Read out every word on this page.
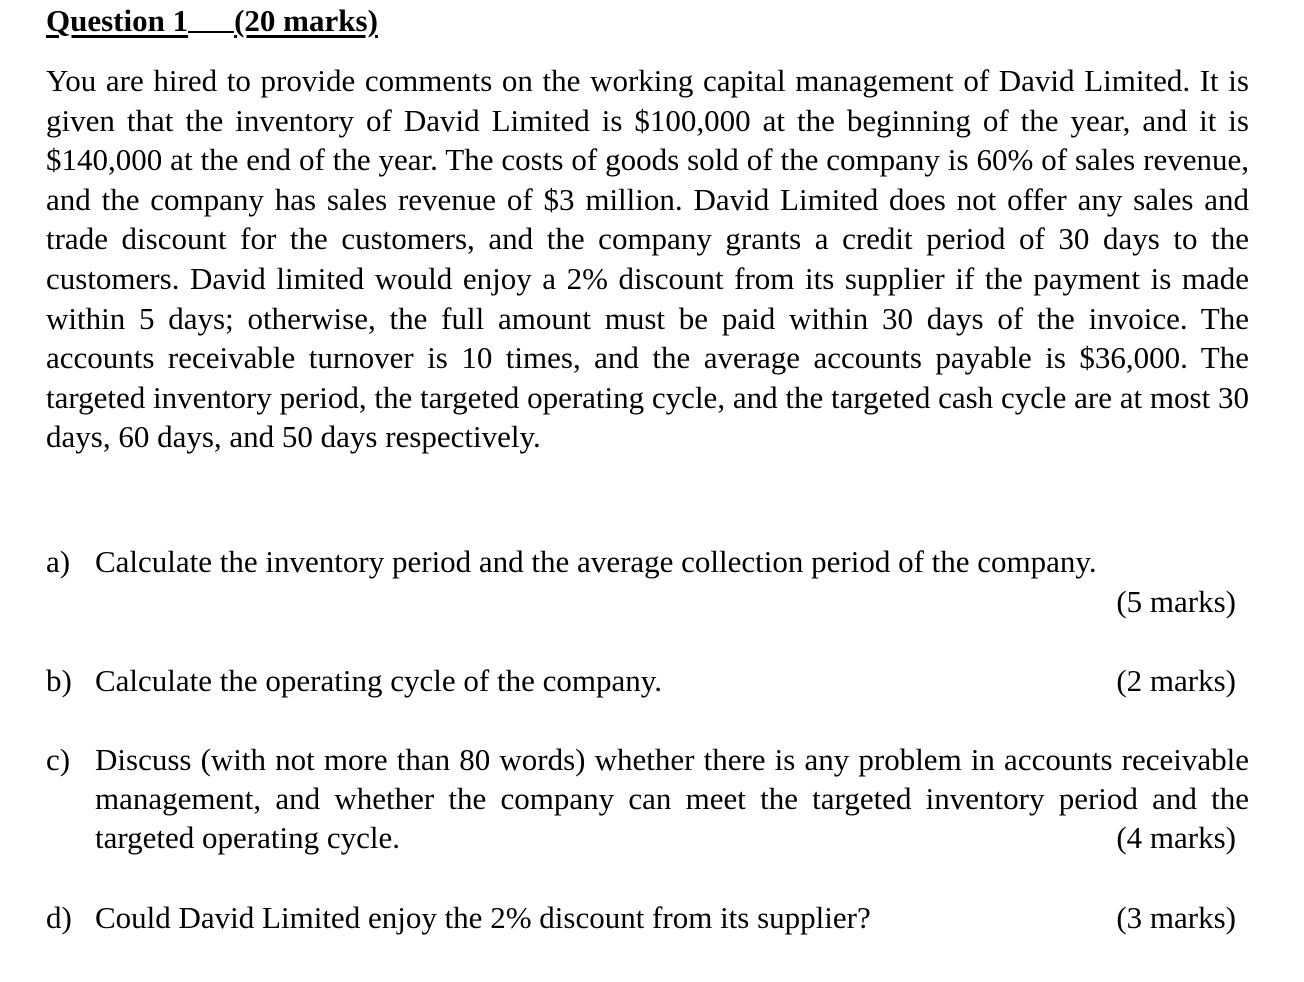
Question 1 (20 marks)
You are hired to provide comments on the working capital management of David Limited. It is given that the inventory of David Limited is $100,000 at the beginning of the year, and it is $140,000 at the end of the year. The costs of goods sold of the company is 60% of sales revenue, and the company has sales revenue of $3 million. David Limited does not offer any sales and trade discount for the customers, and the company grants a credit period of 30 days to the customers. David limited would enjoy a 2% discount from its supplier if the payment is made within 5 days; otherwise, the full amount must be paid within 30 days of the invoice. The accounts receivable turnover is 10 times, and the average accounts payable is $36,000. The targeted inventory period, the targeted operating cycle, and the targeted cash cycle are at most 30 days, 60 days, and 50 days respectively.
a) Calculate the inventory period and the average collection period of the company.
(5 marks)
b) Calculate the operating cycle of the company.	(2 marks)
c) Discuss (with not more than 80 words) whether there is any problem in accounts receivable management, and whether the company can meet the targeted inventory period and the targeted operating cycle.	(4 marks)
d) Could David Limited enjoy the 2% discount from its supplier?	(3 marks)
